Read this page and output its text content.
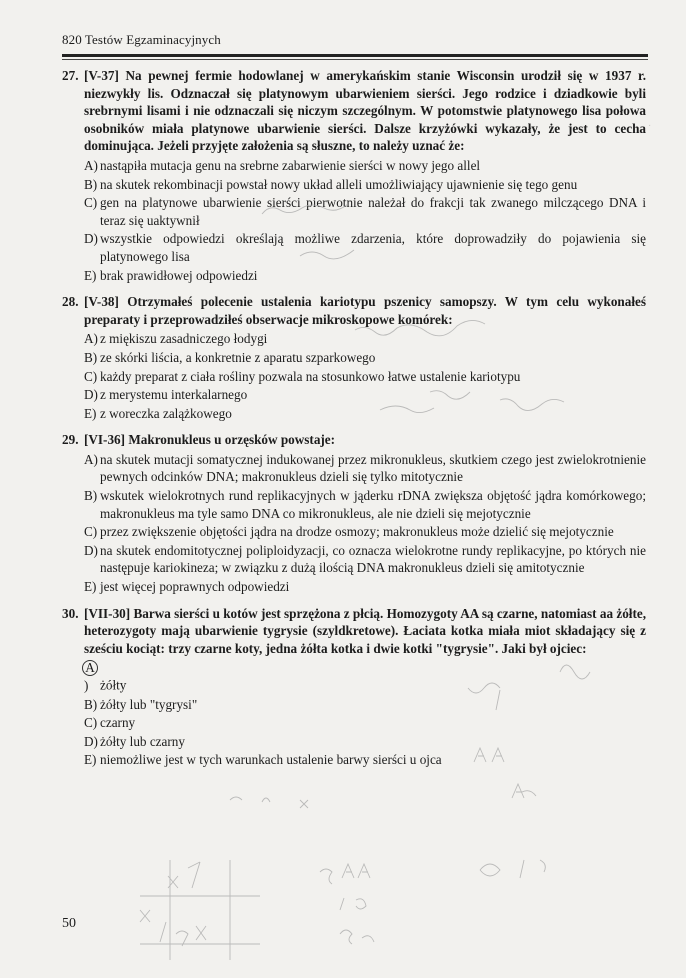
820 Testów Egzaminacyjnych
·
27. [V-37] Na pewnej fermie hodowlanej w amerykańskim stanie Wisconsin urodził się w 1937 r. niezwykły lis. Odznaczał się platynowym ubarwieniem sierści. Jego rodzice i dziadkowie byli srebrnymi lisami i nie odznaczali się niczym szczególnym. W potomstwie platynowego lisa połowa osobników miała platynowe ubarwienie sierści. Dalsze krzyżówki wykazały, że jest to cecha dominująca. Jeżeli przyjęte założenia są słuszne, to należy uznać że:
A) nastąpiła mutacja genu na srebrne zabarwienie sierści w nowy jego allel
B) na skutek rekombinacji powstał nowy układ alleli umożliwiający ujawnienie się tego genu
C) gen na platynowe ubarwienie sierści pierwotnie należał do frakcji tak zwanego milczącego DNA i teraz się uaktywnił
D) wszystkie odpowiedzi określają możliwe zdarzenia, które doprowadziły do pojawienia się platynowego lisa
E) brak prawidłowej odpowiedzi
28. [V-38] Otrzymałeś polecenie ustalenia kariotypu pszenicy samopszy. W tym celu wykonałeś preparaty i przeprowadziłeś obserwacje mikroskopowe komórek:
A) z miękiszu zasadniczego łodygi
B) ze skórki liścia, a konkretnie z aparatu szparkowego
C) każdy preparat z ciała rośliny pozwala na stosunkowo łatwe ustalenie kariotypu
D) z merystemu interkalarnego
E) z woreczka zalążkowego
29. [VI-36] Makronukleus u orzęsków powstaje:
A) na skutek mutacji somatycznej indukowanej przez mikronukleus, skutkiem czego jest zwielokrotnienie pewnych odcinków DNA; makronukleus dzieli się tylko mitotycznie
B) wskutek wielokrotnych rund replikacyjnych w jąderku rDNA zwiększa objętość jądra komórkowego; makronukleus ma tyle samo DNA co mikronukleus, ale nie dzieli się mejotycznie
C) przez zwiększenie objętości jądra na drodze osmozy; makronukleus może dzielić się mejotycznie
D) na skutek endomitotycznej poliploidyzacji, co oznacza wielokrotne rundy replikacyjne, po których nie następuje kariokineza; w związku z dużą ilością DNA makronukleus dzieli się amitotycznie
E) jest więcej poprawnych odpowiedzi
30. [VII-30] Barwa sierści u kotów jest sprzężona z płcią. Homozygoty AA są czarne, natomiast aa żółte, heterozygoty mają ubarwienie tygrysie (szyldkretowe). Łaciata kotka miała miot składający się z sześciu kociąt: trzy czarne koty, jedna żółta kotka i dwie kotki "tygrysie". Jaki był ojciec:
A) żółty
B) żółty lub "tygrysi"
C) czarny
D) żółty lub czarny
E) niemożliwe jest w tych warunkach ustalenie barwy sierści u ojca
50
